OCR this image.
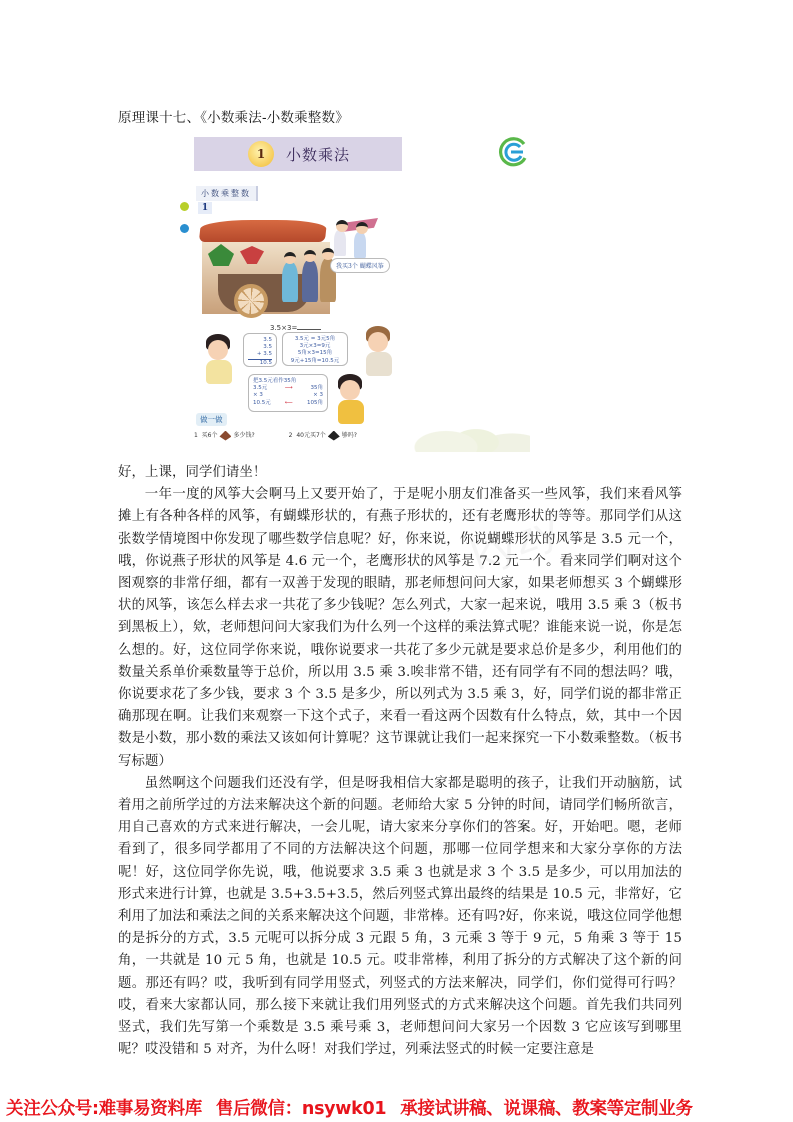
原理课十七、《小数乘法-小数乘整数》
1	小数乘法
小数乘整数
1
我买3个 蝴蝶风筝
3.5×3=
3.5
3.5
+ 3.5
10.5
3.5元 = 3元5角
3元×3=9元
5角×3=15角
9元+15角=10.5元
把3.5元看作35角
3.5元	⟶	35角
× 3	× 3
10.5元	⟵	105角
做一做
1 买6个	多少钱?	2 40元买7个	够吗?

好，上课，同学们请坐！

一年一度的风筝大会啊马上又要开始了，于是呢小朋友们准备买一些风筝，我们来看风筝摊上有各种各样的风筝，有蝴蝶形状的，有燕子形状的，还有老鹰形状的等等。那同学们从这张数学情境图中你发现了哪些数学信息呢？好，你来说，你说蝴蝶形状的风筝是 3.5 元一个，哦，你说燕子形状的风筝是 4.6 元一个，老鹰形状的风筝是 7.2 元一个。看来同学们啊对这个图观察的非常仔细，都有一双善于发现的眼睛，那老师想问问大家，如果老师想买 3 个蝴蝶形状的风筝，该怎么样去求一共花了多少钱呢？怎么列式，大家一起来说，哦用 3.5 乘 3（板书到黑板上），欸，老师想问问大家我们为什么列一个这样的乘法算式呢？谁能来说一说，你是怎么想的。好，这位同学你来说，哦你说要求一共花了多少元就是要求总价是多少，利用他们的数量关系单价乘数量等于总价，所以用 3.5 乘 3.唉非常不错，还有同学有不同的想法吗？哦，你说要求花了多少钱，要求 3 个 3.5 是多少，所以列式为 3.5 乘 3，好，同学们说的都非常正确那现在啊。让我们来观察一下这个式子，来看一看这两个因数有什么特点，欸，其中一个因数是小数，那小数的乘法又该如何计算呢？这节课就让我们一起来探究一下小数乘整数。（板书写标题）

虽然啊这个问题我们还没有学，但是呀我相信大家都是聪明的孩子，让我们开动脑筋，试着用之前所学过的方法来解决这个新的问题。老师给大家 5 分钟的时间，请同学们畅所欲言，用自己喜欢的方式来进行解决，一会儿呢，请大家来分享你们的答案。好，开始吧。嗯，老师看到了，很多同学都用了不同的方法解决这个问题，那哪一位同学想来和大家分享你的方法呢！好，这位同学你先说，哦，他说要求 3.5 乘 3 也就是求 3 个 3.5 是多少，可以用加法的形式来进行计算，也就是 3.5+3.5+3.5，然后列竖式算出最终的结果是 10.5 元，非常好，它利用了加法和乘法之间的关系来解决这个问题，非常棒。还有吗?好，你来说，哦这位同学他想的是拆分的方式，3.5 元呢可以拆分成 3 元跟 5 角，3 元乘 3 等于 9 元，5 角乘 3 等于 15 角，一共就是 10 元 5 角，也就是 10.5 元。哎非常棒，利用了拆分的方式解决了这个新的问题。那还有吗？哎，我听到有同学用竖式，列竖式的方法来解决，同学们，你们觉得可行吗？哎，看来大家都认同，那么接下来就让我们用列竖式的方式来解决这个问题。首先我们共同列竖式，我们先写第一个乘数是 3.5 乘号乘 3，老师想问问大家另一个因数 3 它应该写到哪里呢？哎没错和 5 对齐，为什么呀！对我们学过，列乘法竖式的时候一定要注意是

kyzy
关注公众号:难事易资料库 售后微信：nsywk01 承接试讲稿、说课稿、教案等定制业务
